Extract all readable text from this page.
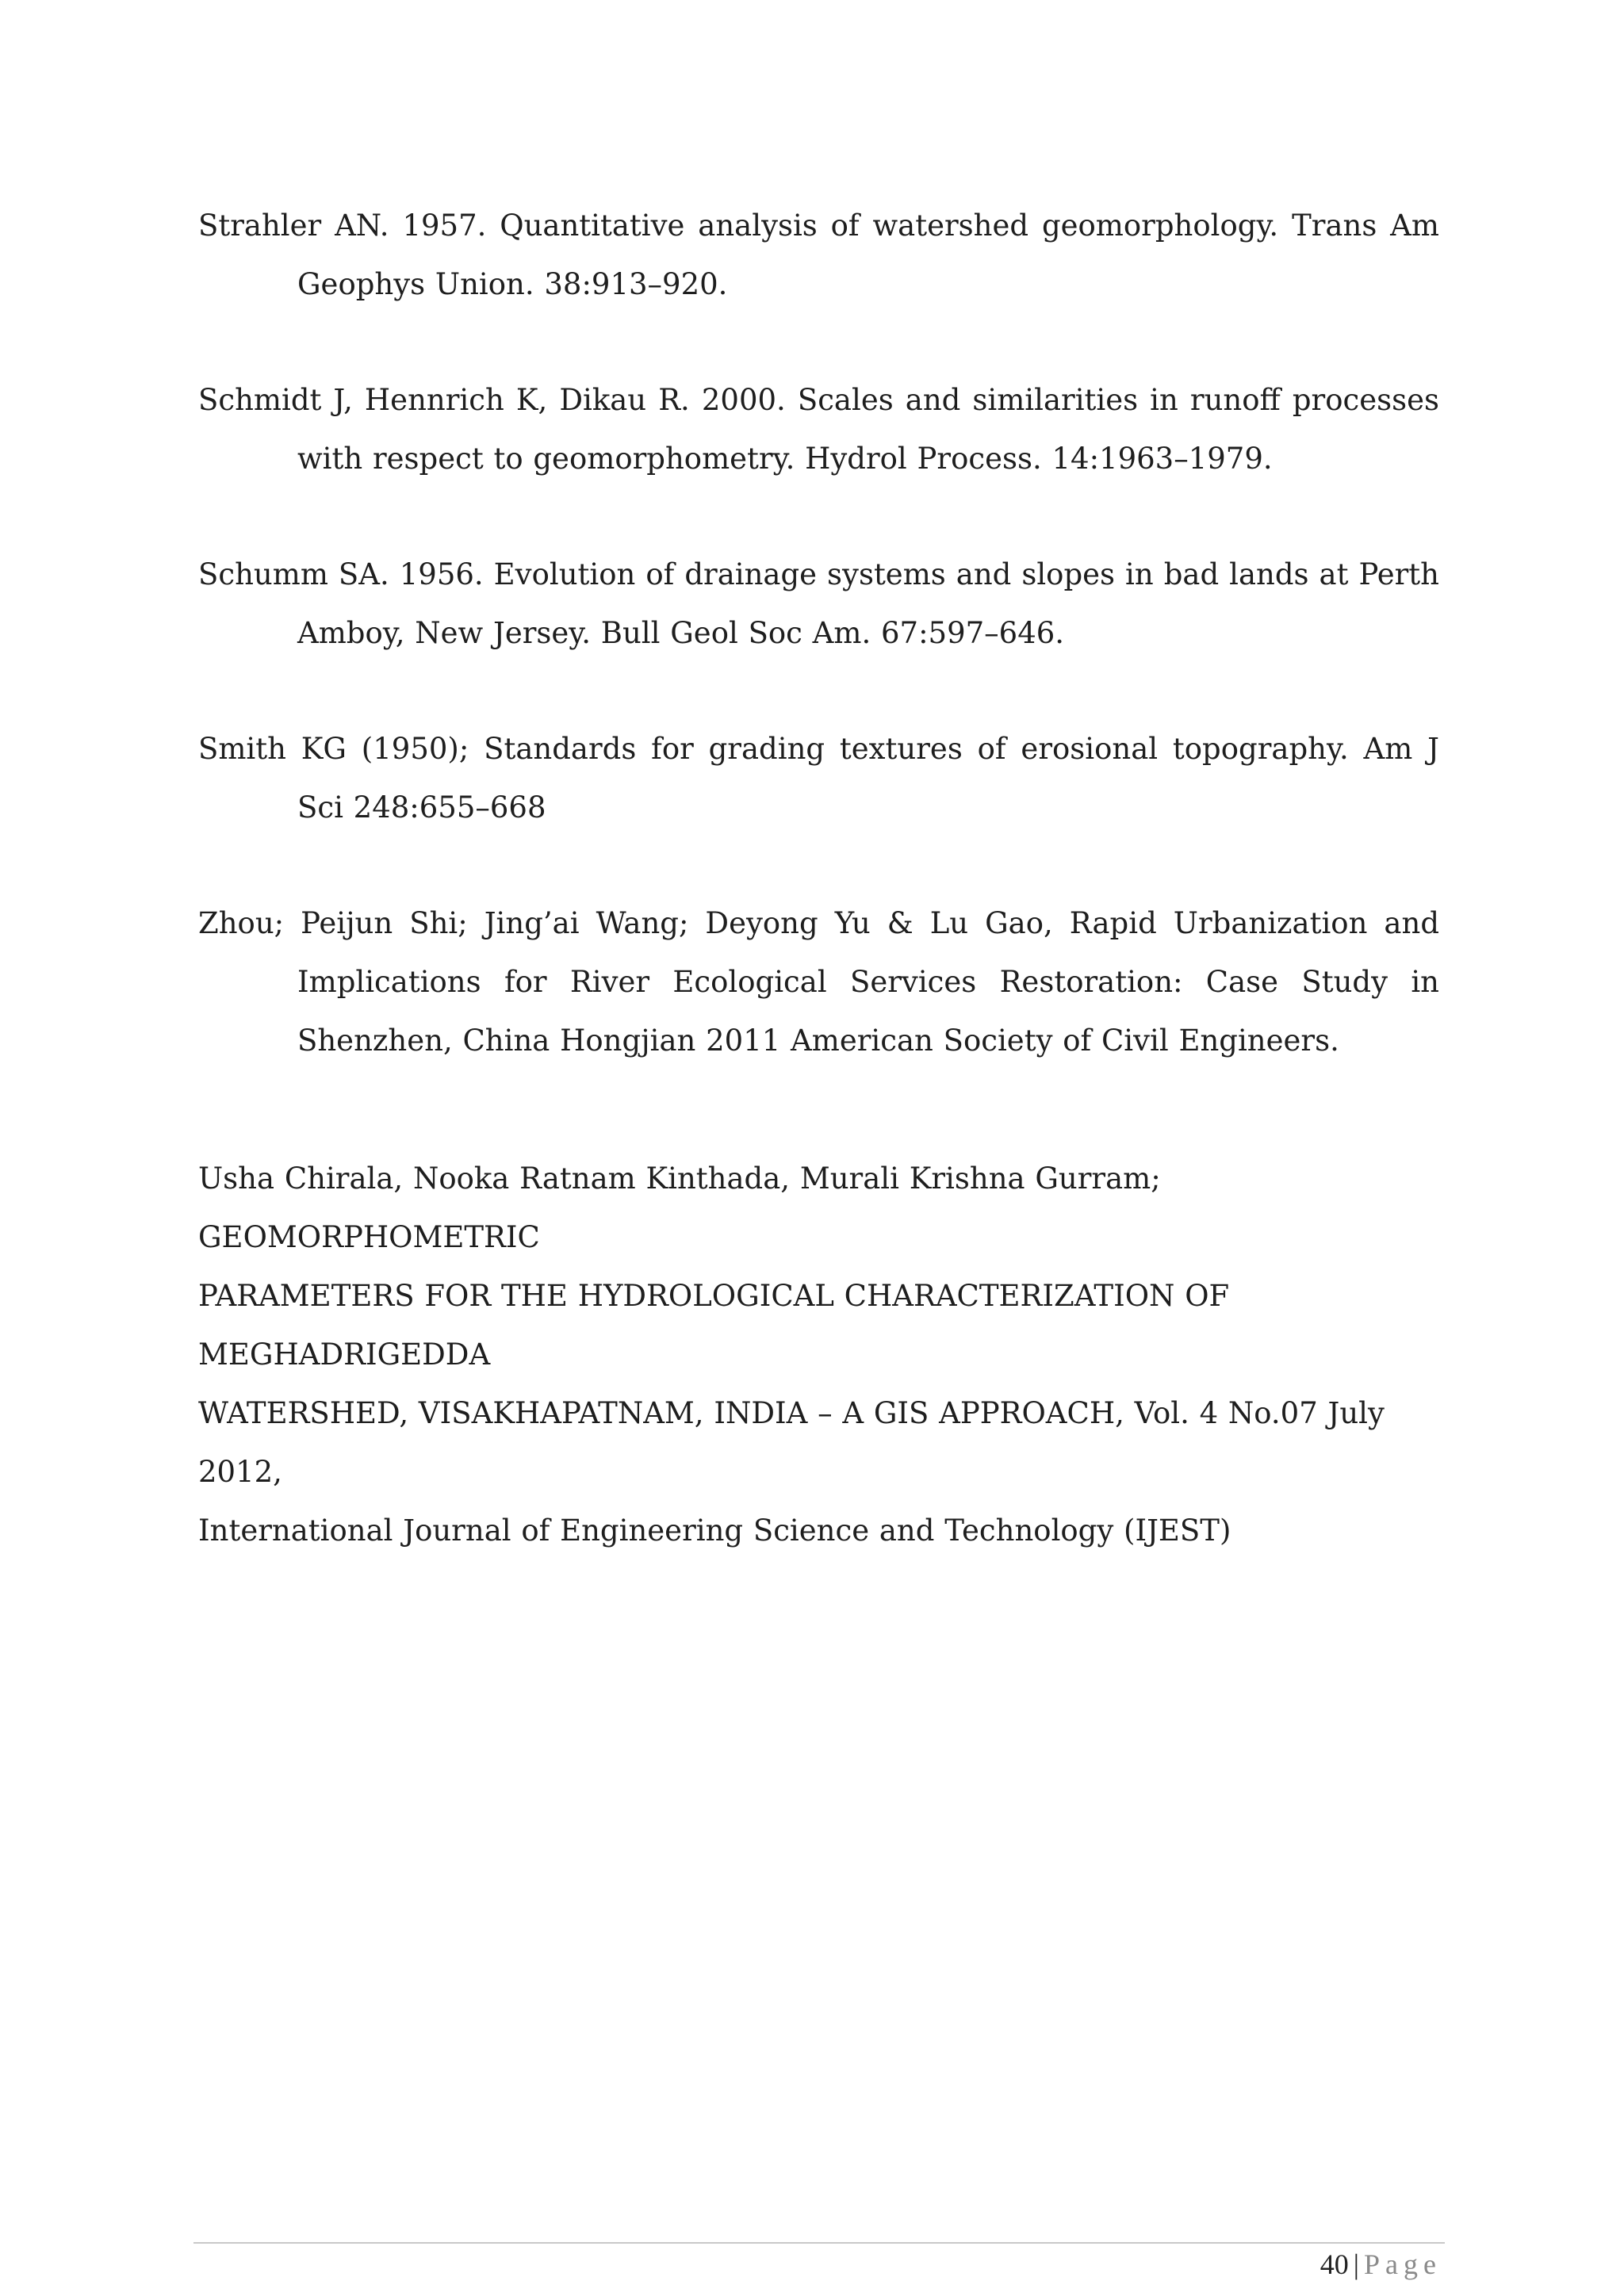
Strahler AN. 1957. Quantitative analysis of watershed geomorphology. Trans Am Geophys Union. 38:913–920.

Schmidt J, Hennrich K, Dikau R. 2000. Scales and similarities in runoff processes with respect to geomorphometry. Hydrol Process. 14:1963–1979.

Schumm SA. 1956. Evolution of drainage systems and slopes in bad lands at Perth Amboy, New Jersey. Bull Geol Soc Am. 67:597–646.

Smith KG (1950); Standards for grading textures of erosional topography. Am J Sci 248:655–668

Zhou; Peijun Shi; Jing’ai Wang; Deyong Yu & Lu Gao, Rapid Urbanization and Implications for River Ecological Services Restoration: Case Study in Shenzhen, China Hongjian 2011 American Society of Civil Engineers.

Usha Chirala, Nooka Ratnam Kinthada, Murali Krishna Gurram; GEOMORPHOMETRIC
PARAMETERS FOR THE HYDROLOGICAL CHARACTERIZATION OF MEGHADRIGEDDA
WATERSHED, VISAKHAPATNAM, INDIA – A GIS APPROACH, Vol. 4 No.07 July 2012,
International Journal of Engineering Science and Technology (IJEST)

40 | Page
